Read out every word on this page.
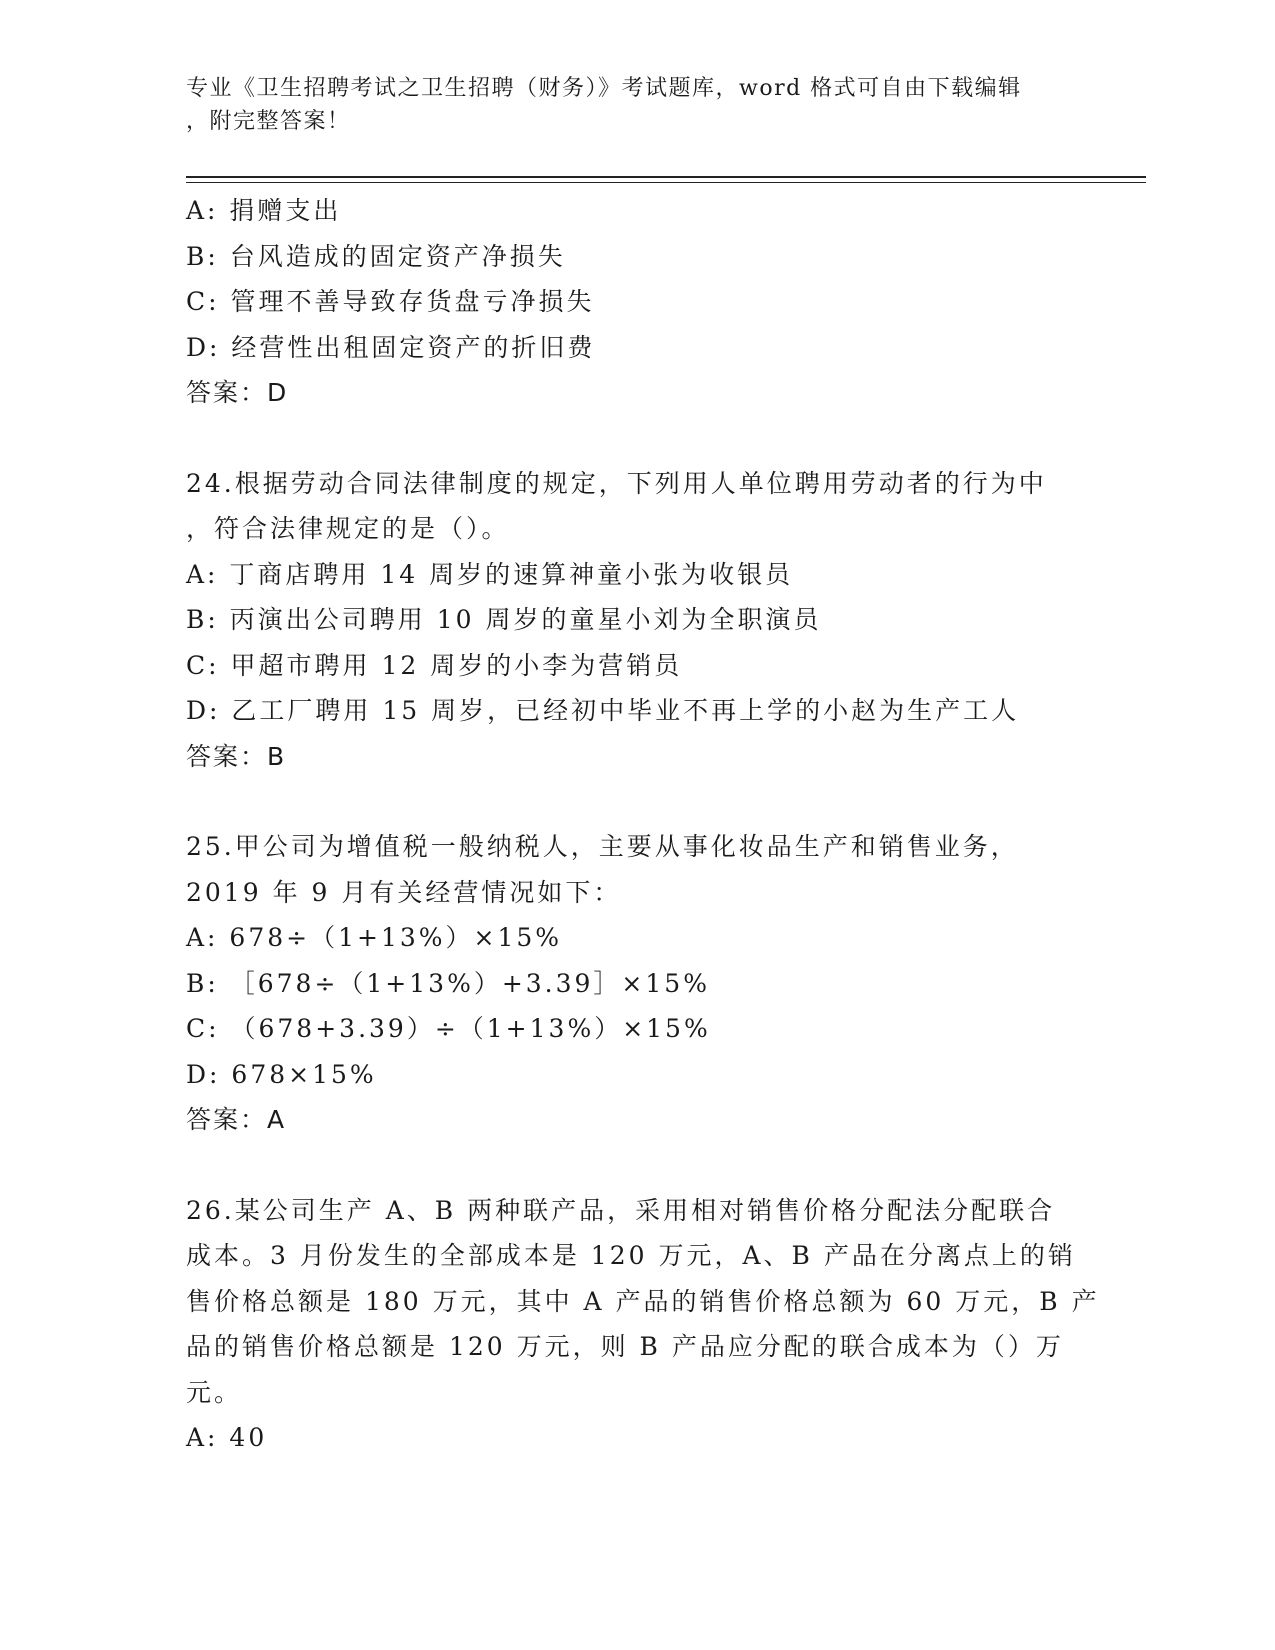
专业《卫生招聘考试之卫生招聘（财务）》考试题库，word 格式可自由下载编辑
，附完整答案！
A: 捐赠支出
B: 台风造成的固定资产净损失
C: 管理不善导致存货盘亏净损失
D: 经营性出租固定资产的折旧费
答案：D
24.根据劳动合同法律制度的规定，下列用人单位聘用劳动者的行为中
，符合法律规定的是（）。
A: 丁商店聘用 14 周岁的速算神童小张为收银员
B: 丙演出公司聘用 10 周岁的童星小刘为全职演员
C: 甲超市聘用 12 周岁的小李为营销员
D: 乙工厂聘用 15 周岁，已经初中毕业不再上学的小赵为生产工人
答案：B
25.甲公司为增值税一般纳税人，主要从事化妆品生产和销售业务，
2019 年 9 月有关经营情况如下：
A: 678÷（1+13%）×15%
B: ［678÷（1+13%）+3.39］×15%
C: （678+3.39）÷（1+13%）×15%
D: 678×15%
答案：A
26.某公司生产 A、B 两种联产品，采用相对销售价格分配法分配联合
成本。3 月份发生的全部成本是 120 万元，A、B 产品在分离点上的销
售价格总额是 180 万元，其中 A 产品的销售价格总额为 60 万元，B 产
品的销售价格总额是 120 万元，则 B 产品应分配的联合成本为（）万
元。
A: 40
